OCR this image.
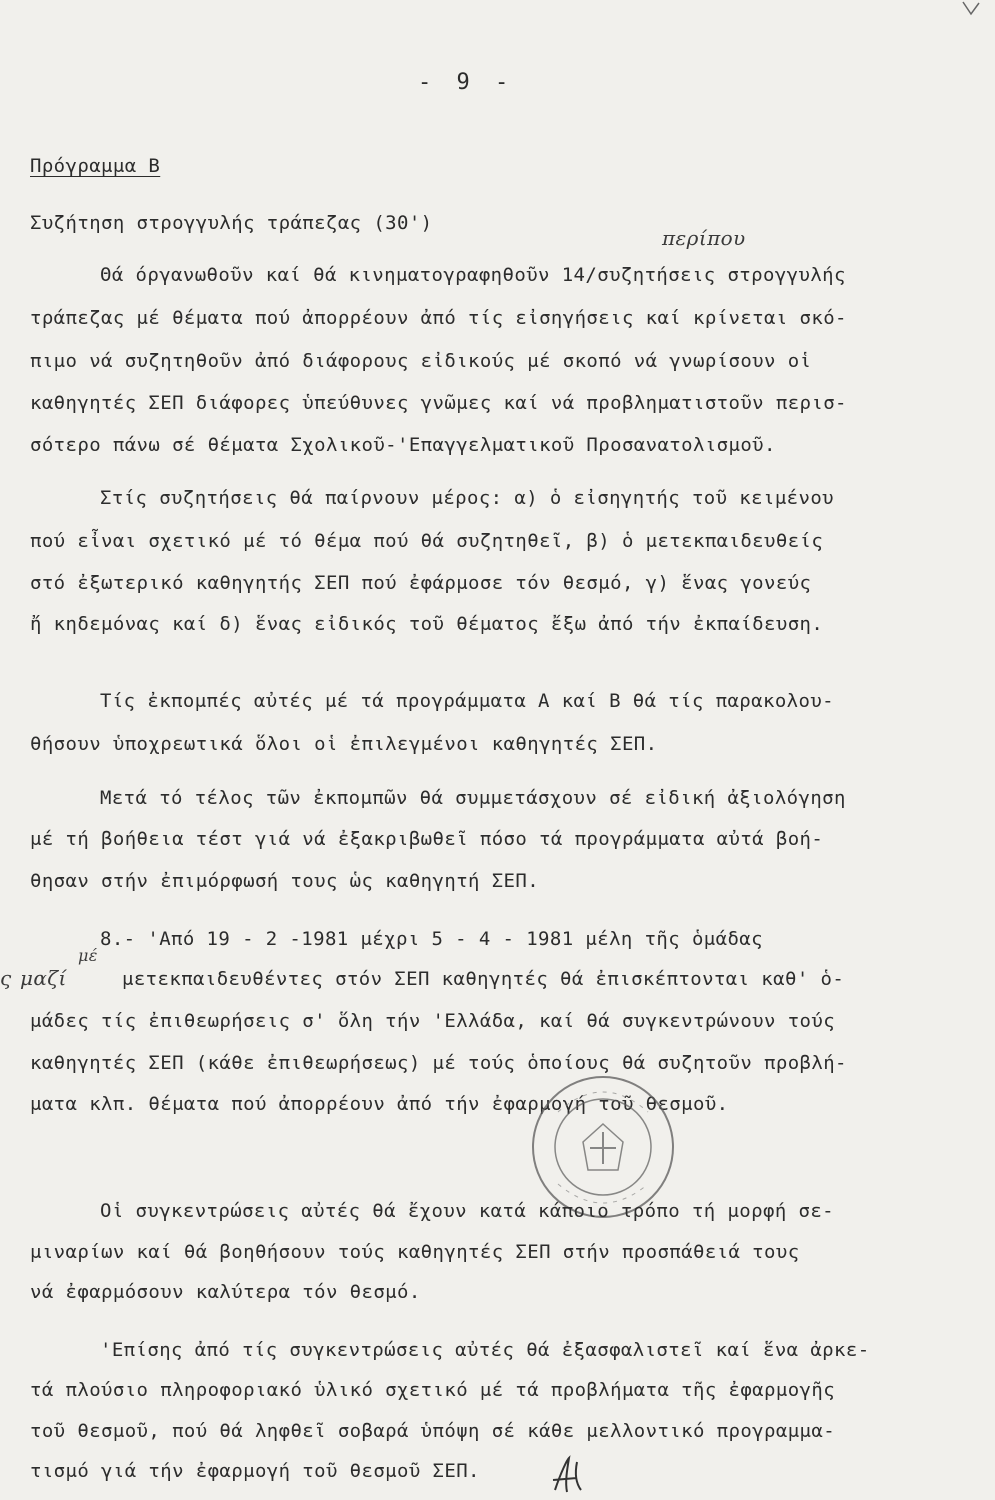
- 9 -
Πρόγραμμα Β
Συζήτηση στρογγυλής τράπεζας (30')
περίπου
Θά όργανωθοῦν καί θά κινηματογραφηθοῦν 14/συζητήσεις στρογγυλής
τράπεζας μέ θέματα πού ἀπορρέουν ἀπό τίς εἰσηγήσεις καί κρίνεται σκό-
πιμο νά συζητηθοῦν ἀπό διάφορους εἰδικούς μέ σκοπό νά γνωρίσουν οἱ
καθηγητές ΣΕΠ διάφορες ὑπεύθυνες γνῶμες καί νά προβληματιστοῦν περισ-
σότερο πάνω σέ θέματα Σχολικοῦ-'Επαγγελματικοῦ Προσανατολισμοῦ.
Στίς συζητήσεις θά παίρνουν μέρος: α) ὁ εἰσηγητής τοῦ κειμένου
πού εἶναι σχετικό μέ τό θέμα πού θά συζητηθεῖ, β) ὁ μετεκπαιδευθείς
στό ἐξωτερικό καθηγητής ΣΕΠ πού ἐφάρμοσε τόν θεσμό, γ) ἕνας γονεύς
ἤ κηδεμόνας καί δ) ἕνας εἰδικός τοῦ θέματος ἔξω ἀπό τήν ἐκπαίδευση.
Τίς ἐκπομπές αὐτές μέ τά προγράμματα Α καί Β θά τίς παρακολου-
θήσουν ὑποχρεωτικά ὅλοι οἱ ἐπιλεγμένοι καθηγητές ΣΕΠ.
Μετά τό τέλος τῶν ἐκπομπῶν θά συμμετάσχουν σέ εἰδική ἀξιολόγηση
μέ τή βοήθεια τέστ γιά νά ἐξακριβωθεῖ πόσο τά προγράμματα αὐτά βοή-
θησαν στήν ἐπιμόρφωσή τους ὡς καθηγητή ΣΕΠ.
8.- 'Από 19 - 2 -1981 μέχρι 5 - 4 - 1981 μέλη τῆς ὁμάδας
ς μαζί
μέ
μετεκπαιδευθέντες στόν ΣΕΠ καθηγητές θά ἐπισκέπτονται καθ' ὁ-
μάδες τίς ἐπιθεωρήσεις σ' ὅλη τήν 'Ελλάδα, καί θά συγκεντρώνουν τούς
καθηγητές ΣΕΠ (κάθε ἐπιθεωρήσεως) μέ τούς ὁποίους θά συζητοῦν προβλή-
ματα κλπ. θέματα πού ἀπορρέουν ἀπό τήν ἐφαρμογή τοῦ θεσμοῦ.
Οἱ συγκεντρώσεις αὐτές θά ἔχουν κατά κάποιο τρόπο τή μορφή σε-
μιναρίων καί θά βοηθήσουν τούς καθηγητές ΣΕΠ στήν προσπάθειά τους
νά ἐφαρμόσουν καλύτερα τόν θεσμό.
'Επίσης ἀπό τίς συγκεντρώσεις αὐτές θά ἐξασφαλιστεῖ καί ἕνα ἀρκε-
τά πλούσιο πληροφοριακό ὑλικό σχετικό μέ τά προβλήματα τῆς ἐφαρμογῆς
τοῦ θεσμοῦ, πού θά ληφθεῖ σοβαρά ὑπόψη σέ κάθε μελλοντικό προγραμμα-
τισμό γιά τήν ἐφαρμογή τοῦ θεσμοῦ ΣΕΠ.
